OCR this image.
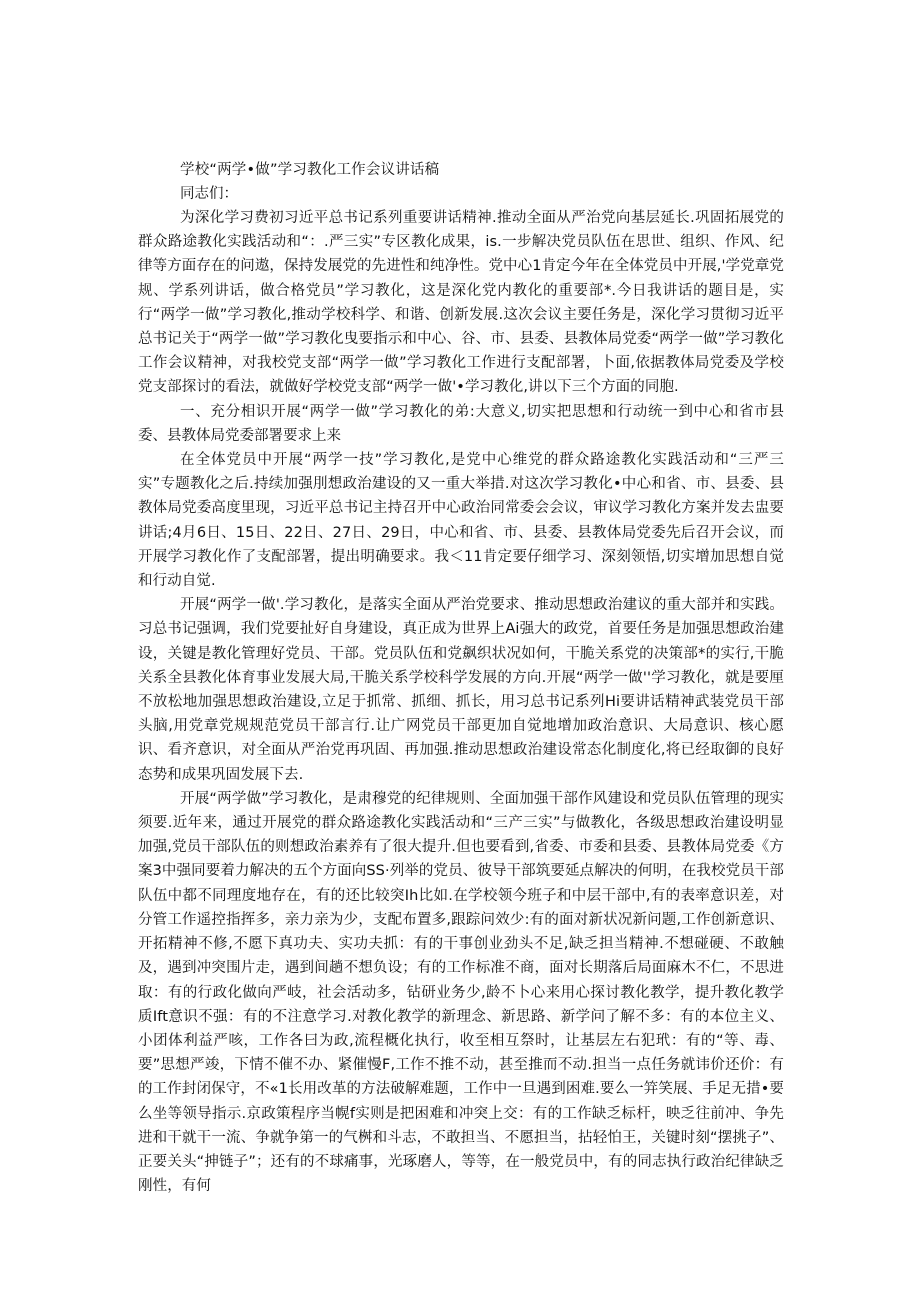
学校“两学•做”学习教化工作会议讲话稿

同志们：

为深化学习费初习近平总书记系列重要讲话精神.推动全面从严治党向基层延长.巩固拓展党的群众路途教化实践活动和“：.严三实”专区教化成果，is.一步解决党员队伍在思世、组织、作风、纪律等方面存在的问遨，保持发展党的先进性和纯净性。党中心1肯定今年在全体党员中开展,'学党章党规、学系列讲话，做合格党员”学习教化，这是深化党内教化的重要部*.今日我讲话的题目是，实行“两学一做”学习教化,推动学校科学、和谐、创新发展.这次会议主要任务是，深化学习贯彻习近平总书记关于“两学一做”学习教化曳要指示和中心、谷、市、县委、县教体局党委“两学一做”学习教化工作会议精神，对我校党支部“两学一做”学习教化工作进行支配部署，卜面,依据教体局党委及学校党支部探讨的看法，就做好学校党支部“两学一做'•学习教化,讲以下三个方面的同胞.

一、充分相识开展“两学一做”学习教化的弟:大意义,切实把思想和行动统一到中心和省市县委、县教体局党委部署要求上来

在全体党员中开展“两学一技”学习教化,是党中心维党的群众路途教化实践活动和“三严三实”专题教化之后.持续加强刖想政治建设的又一重大举措.对这次学习教化•中心和省、市、县委、县教体局党委高度里现，习近平总书记主持召开中心政治同常委会会议，审议学习教化方案并发去盅要讲话;4月6日、15日、22日、27日、29日，中心和省、市、县委、县教体局党委先后召开会议，而开展学习教化作了支配部署，提出明确要求。我＜11肯定要仔细学习、深刻领悟,切实增加思想自觉和行动自觉.

开展“两学一做'.学习教化，是落实全面从严治党要求、推动思想政治建议的重大部并和实践。习总书记强调，我们党要扯好自身建设，真正成为世界上Ai强大的政党，首要任务是加强思想政治建设，关键是教化管理好党员、干部。党员队伍和党飙织状况如何，干脆关系党的决策部*的实行,干脆关系全县教化体育事业发展大局,干脆关系学校科学发展的方向.开展“两学一做''学习教化，就是要厘不放松地加强思想政治建设,立足于抓常、抓细、抓长，用习总书记系列Hi要讲话精神武装党员干部头脑,用党章党规规范党员干部言行.让广网党员干部更加自觉地增加政治意识、大局意识、核心愿识、看齐意识，对全面从严治党再巩固、再加强.推动思想政治建设常态化制度化,将已经取御的良好态势和成果巩固发展下去.

开展“两学做”学习教化，是肃穆党的纪律规则、全面加强干部作风建设和党员队伍管理的现实须要.近年来，通过开展党的群众路途教化实践活动和“三产三实”与做教化，各级思想政治建设明显加强,党员干部队伍的则想政治素养有了很大提升.但也要看到,省委、市委和县委、县教体局党委《方案3中强同要着力解决的五个方面向SS·列举的党员、彼导干部筑要延点解决的何明，在我校党员干部队伍中都不同理度地存在，有的还比较突Ih比如.在学校领今班子和中层干部中,有的表率意识差，对分管工作遥控指挥多，亲力亲为少，支配布置多,跟踪问效少:有的面对新状况新问题,工作创新意识、开拓精神不修,不愿下真功夫、实功夫抓：有的干事创业劲头不足,缺乏担当精神.不想碰硬、不敢触及，遇到冲突围片走，遇到间趟不想负设；有的工作标准不商，面对长期落后局面麻木不仁，不思进取：有的行政化做向严岐，社会活动多，钻研业务少,龄不卜心来用心探讨教化教学，提升教化教学质Ift意识不强：有的不注意学习.对教化教学的新理念、新思路、新学问了解不多：有的本位主义、小团体利益严咳，工作各曰为政,流程概化执行，收至相互祭时，让基层左右犯玳：有的“等、毒、要”思想严竣，下情不催不办、紧催慢F,工作不推不动，甚至推而不动.担当一点任务就讳价还价：有的工作封闭保守，不«1长用改革的方法破解难题，工作中一旦遇到困难.要么一笄笑展、手足无措•要么坐等领导指示.京政策程序当幌f实则是把困难和冲突上交：有的工作缺乏标杆，映乏往前冲、争先进和干就干一流、争就争第一的气桝和斗志，不敢担当、不愿担当，拈轻怕王，关键时刻“摆挑子”、正要关头“抻链子”；还有的不球痛事，光琢磨人，等等，在一般党员中，有的同志执行政治纪律缺乏刚性，有何
